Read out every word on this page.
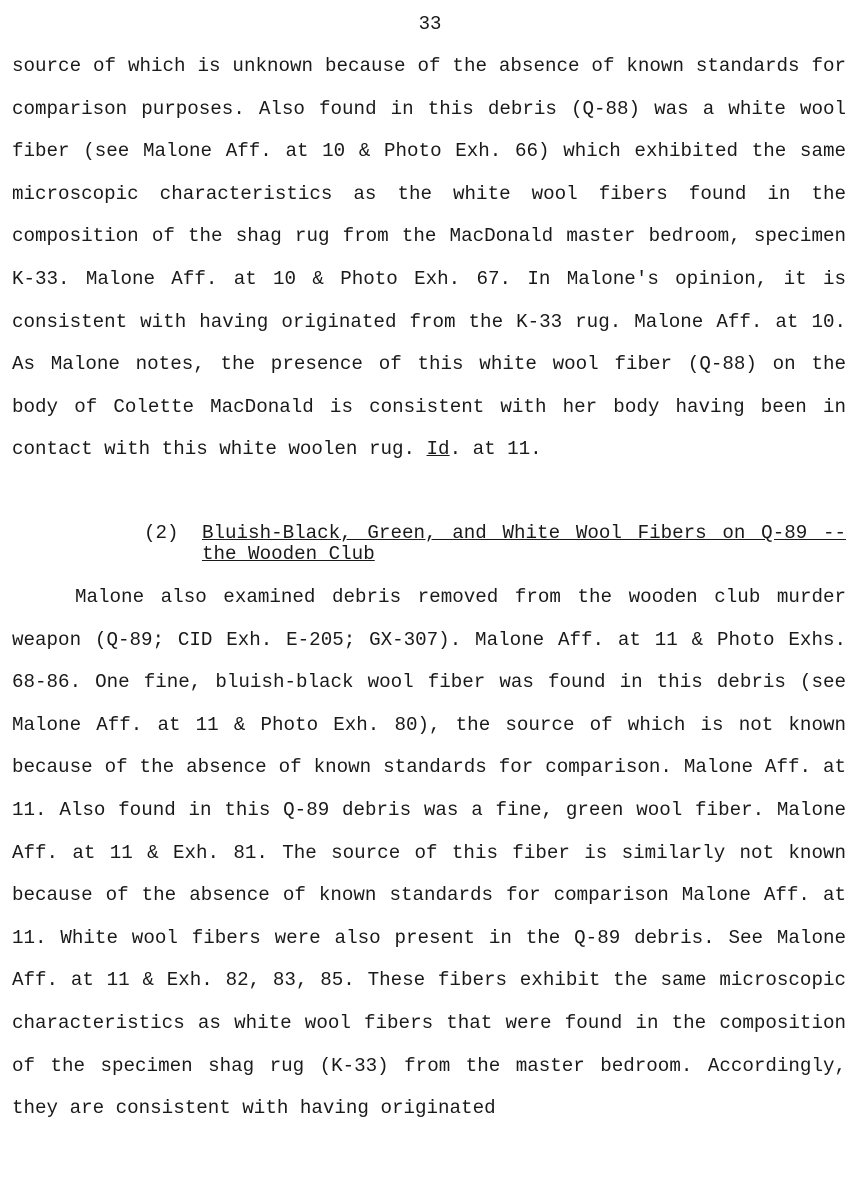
33

source of which is unknown because of the absence of known standards for comparison purposes. Also found in this debris (Q-88) was a white wool fiber (see Malone Aff. at 10 & Photo Exh. 66) which exhibited the same microscopic characteristics as the white wool fibers found in the composition of the shag rug from the MacDonald master bedroom, specimen K-33. Malone Aff. at 10 & Photo Exh. 67. In Malone's opinion, it is consistent with having originated from the K-33 rug. Malone Aff. at 10. As Malone notes, the presence of this white wool fiber (Q-88) on the body of Colette MacDonald is consistent with her body having been in contact with this white woolen rug. Id. at 11.

(2) Bluish-Black, Green, and White Wool Fibers on Q-89 -- the Wooden Club

Malone also examined debris removed from the wooden club murder weapon (Q-89; CID Exh. E-205; GX-307). Malone Aff. at 11 & Photo Exhs. 68-86. One fine, bluish-black wool fiber was found in this debris (see Malone Aff. at 11 & Photo Exh. 80), the source of which is not known because of the absence of known standards for comparison. Malone Aff. at 11. Also found in this Q-89 debris was a fine, green wool fiber. Malone Aff. at 11 & Exh. 81. The source of this fiber is similarly not known because of the absence of known standards for comparison Malone Aff. at 11. White wool fibers were also present in the Q-89 debris. See Malone Aff. at 11 & Exh. 82, 83, 85. These fibers exhibit the same microscopic characteristics as white wool fibers that were found in the composition of the specimen shag rug (K-33) from the master bedroom. Accordingly, they are consistent with having originated
